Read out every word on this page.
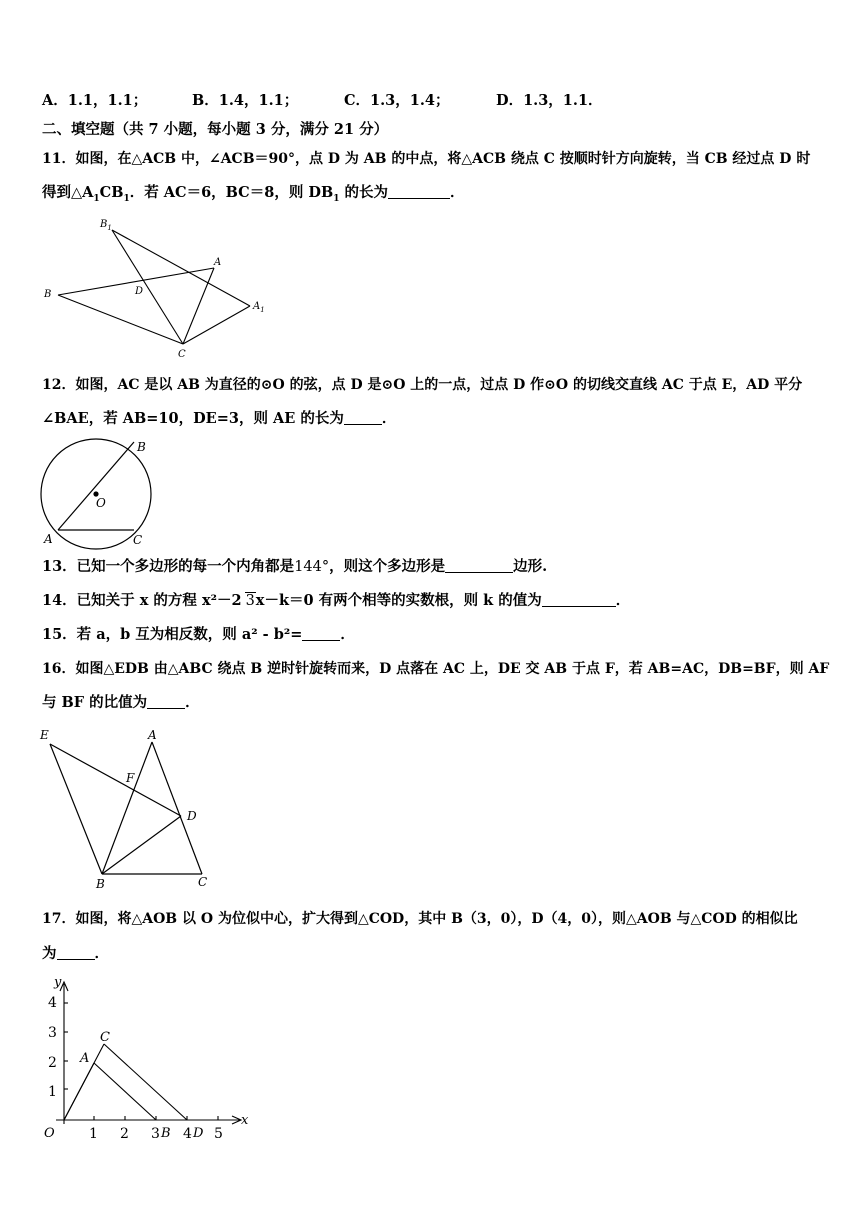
A．1.1，1.1；	B．1.4，1.1；	C．1.3，1.4；	D．1.3，1.1．
二、填空题（共 7 小题，每小题 3 分，满分 21 分）
11．如图，在△ACB 中，∠ACB＝90°，点 D 为 AB 的中点，将△ACB 绕点 C 按顺时针方向旋转，当 CB 经过点 D 时
得到$\triangle A_1CB_1$．若 AC＝6，BC＝8，则 $DB_1$ 的长为	．
$B_1$
A
D
B
$A_1$
C
12．如图，AC 是以 AB 为直径的⊙O 的弦，点 D 是⊙O 上的一点，过点 D 作⊙O 的切线交直线 AC 于点 E，AD 平分
∠BAE，若 AB=10，DE=3，则 AE 的长为	．
B
O
A	C
13．已知一个多边形的每一个内角都是144°，则这个多边形是	边形.
14．已知关于 x 的方程 x²－2 3x－k＝0 有两个相等的实数根，则 k 的值为	．
15．若 a，b 互为相反数，则 a² - b²=	．
16．如图△EDB 由△ABC 绕点 B 逆时针旋转而来，D 点落在 AC 上，DE 交 AB 于点 F，若 AB=AC，DB=BF，则 AF
与 BF 的比值为	．
E	A
F
D
B	C
17．如图，将△AOB 以 O 为位似中心，扩大得到△COD，其中 B（3，0），D（4，0），则△AOB 与△COD 的相似比
为	．
4
3
2
1
1 2 3 4 5
y
x
O
A
C
B D
